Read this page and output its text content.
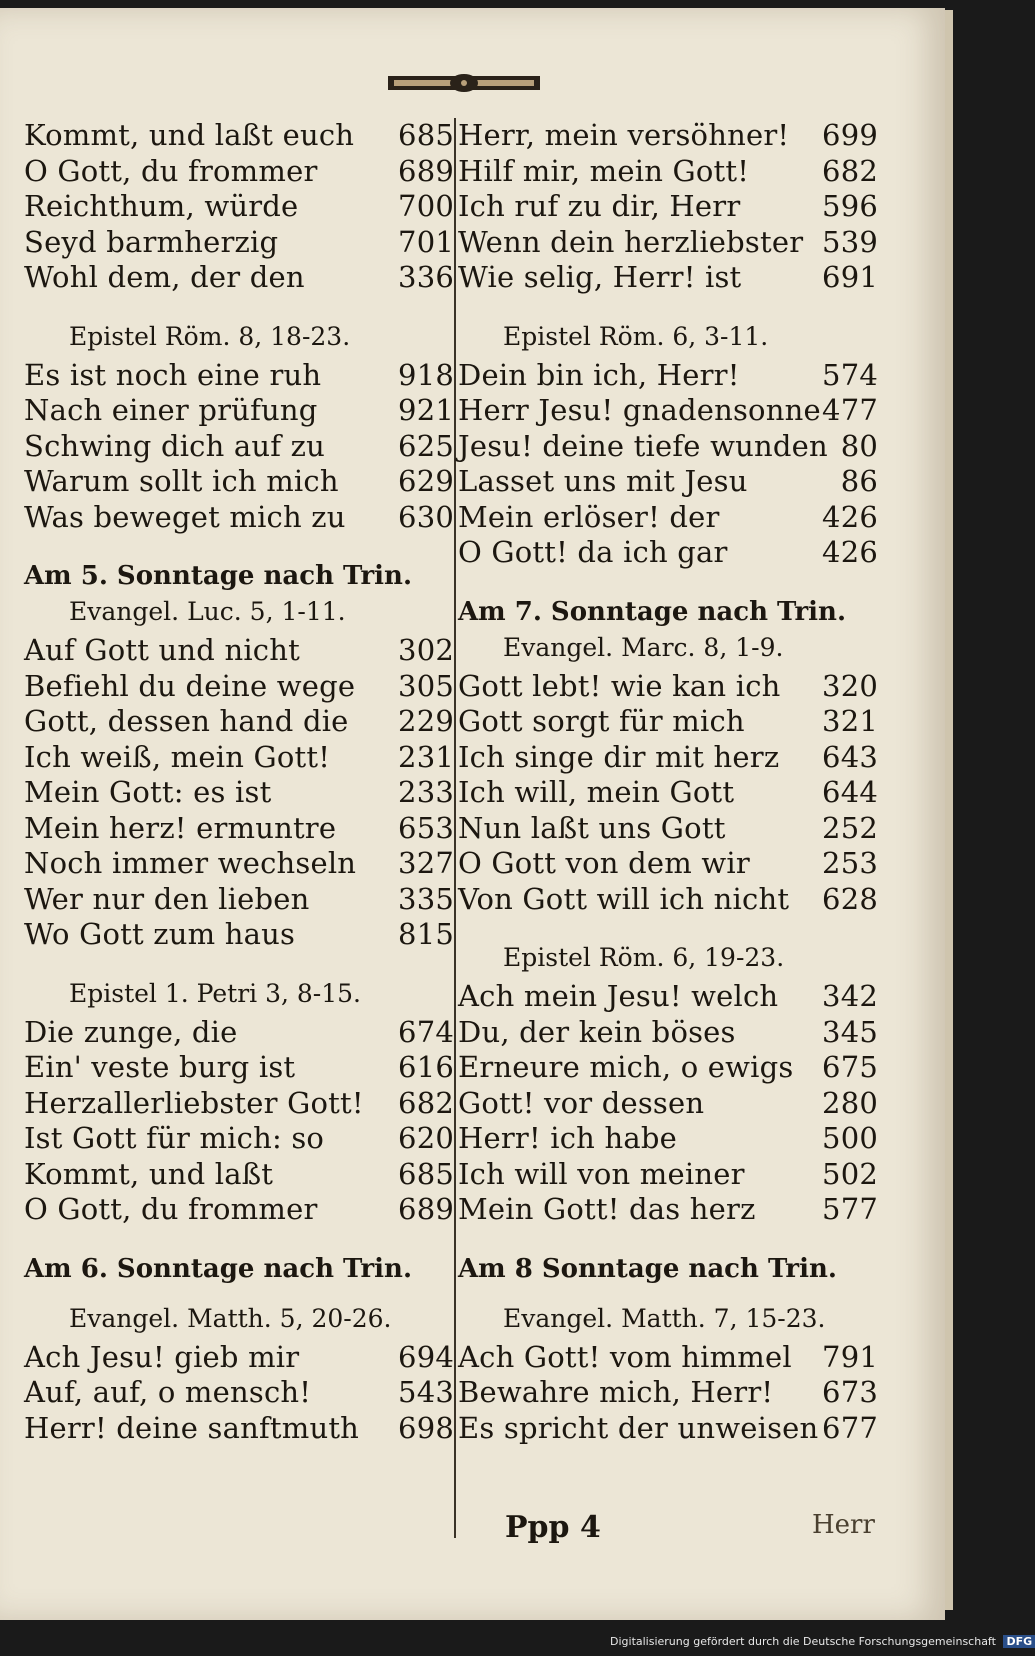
Kommt, und laßt euch 685
O Gott, du frommer	689
Reichthum, würde	700
Seyd barmherzig	701
Wohl dem, der den	336
Epistel Röm. 8, 18-23.
Es ist noch eine ruh	918
Nach einer prüfung	921
Schwing dich auf zu	625
Warum sollt ich mich 629
Was beweget mich zu 630
Am 5. Sonntage nach Trin.
Evangel. Luc. 5, 1-11.
Auf Gott und nicht	302
Befiehl du deine wege 305
Gott, dessen hand die 229
Ich weiß, mein Gott! 231
Mein Gott: es ist	233
Mein herz! ermuntre 653
Noch immer wechseln 327
Wer nur den lieben	335
Wo Gott zum haus	815
Epistel 1. Petri 3, 8-15.
Die zunge, die	674
Ein' veste burg ist	616
Herzallerliebster Gott! 682
Ist Gott für mich: so	620
Kommt, und laßt	685
O Gott, du frommer	689
Am 6. Sonntage nach Trin.
Evangel. Matth. 5, 20-26.
Ach Jesu! gieb mir	694
Auf, auf, o mensch!	543
Herr! deine sanftmuth 698
Herr, mein versöhner! 699
Hilf mir, mein Gott!	682
Ich ruf zu dir, Herr	596
Wenn dein herzliebster 539
Wie selig, Herr! ist	691
Epistel Röm. 6, 3-11.
Dein bin ich, Herr!	574
Herr Jesu! gnadensonne 477
Jesu! deine tiefe wunden 80
Lasset uns mit Jesu	86
Mein erlöser! der	426
O Gott! da ich gar	426
Am 7. Sonntage nach Trin.
Evangel. Marc. 8, 1-9.
Gott lebt! wie kan ich 320
Gott sorgt für mich	321
Ich singe dir mit herz 643
Ich will, mein Gott	644
Nun laßt uns Gott	252
O Gott von dem wir 253
Von Gott will ich nicht 628
Epistel Röm. 6, 19-23.
Ach mein Jesu! welch 342
Du, der kein böses	345
Erneure mich, o ewigs 675
Gott! vor dessen	280
Herr! ich habe	500
Ich will von meiner	502
Mein Gott! das herz 577
Am 8 Sonntage nach Trin.
Evangel. Matth. 7, 15-23.
Ach Gott! vom himmel 791
Bewahre mich, Herr! 673
Es spricht der unweisen 677
Ppp 4	Herr
Digitalisierung gefördert durch die Deutsche Forschungsgemeinschaft DFG
